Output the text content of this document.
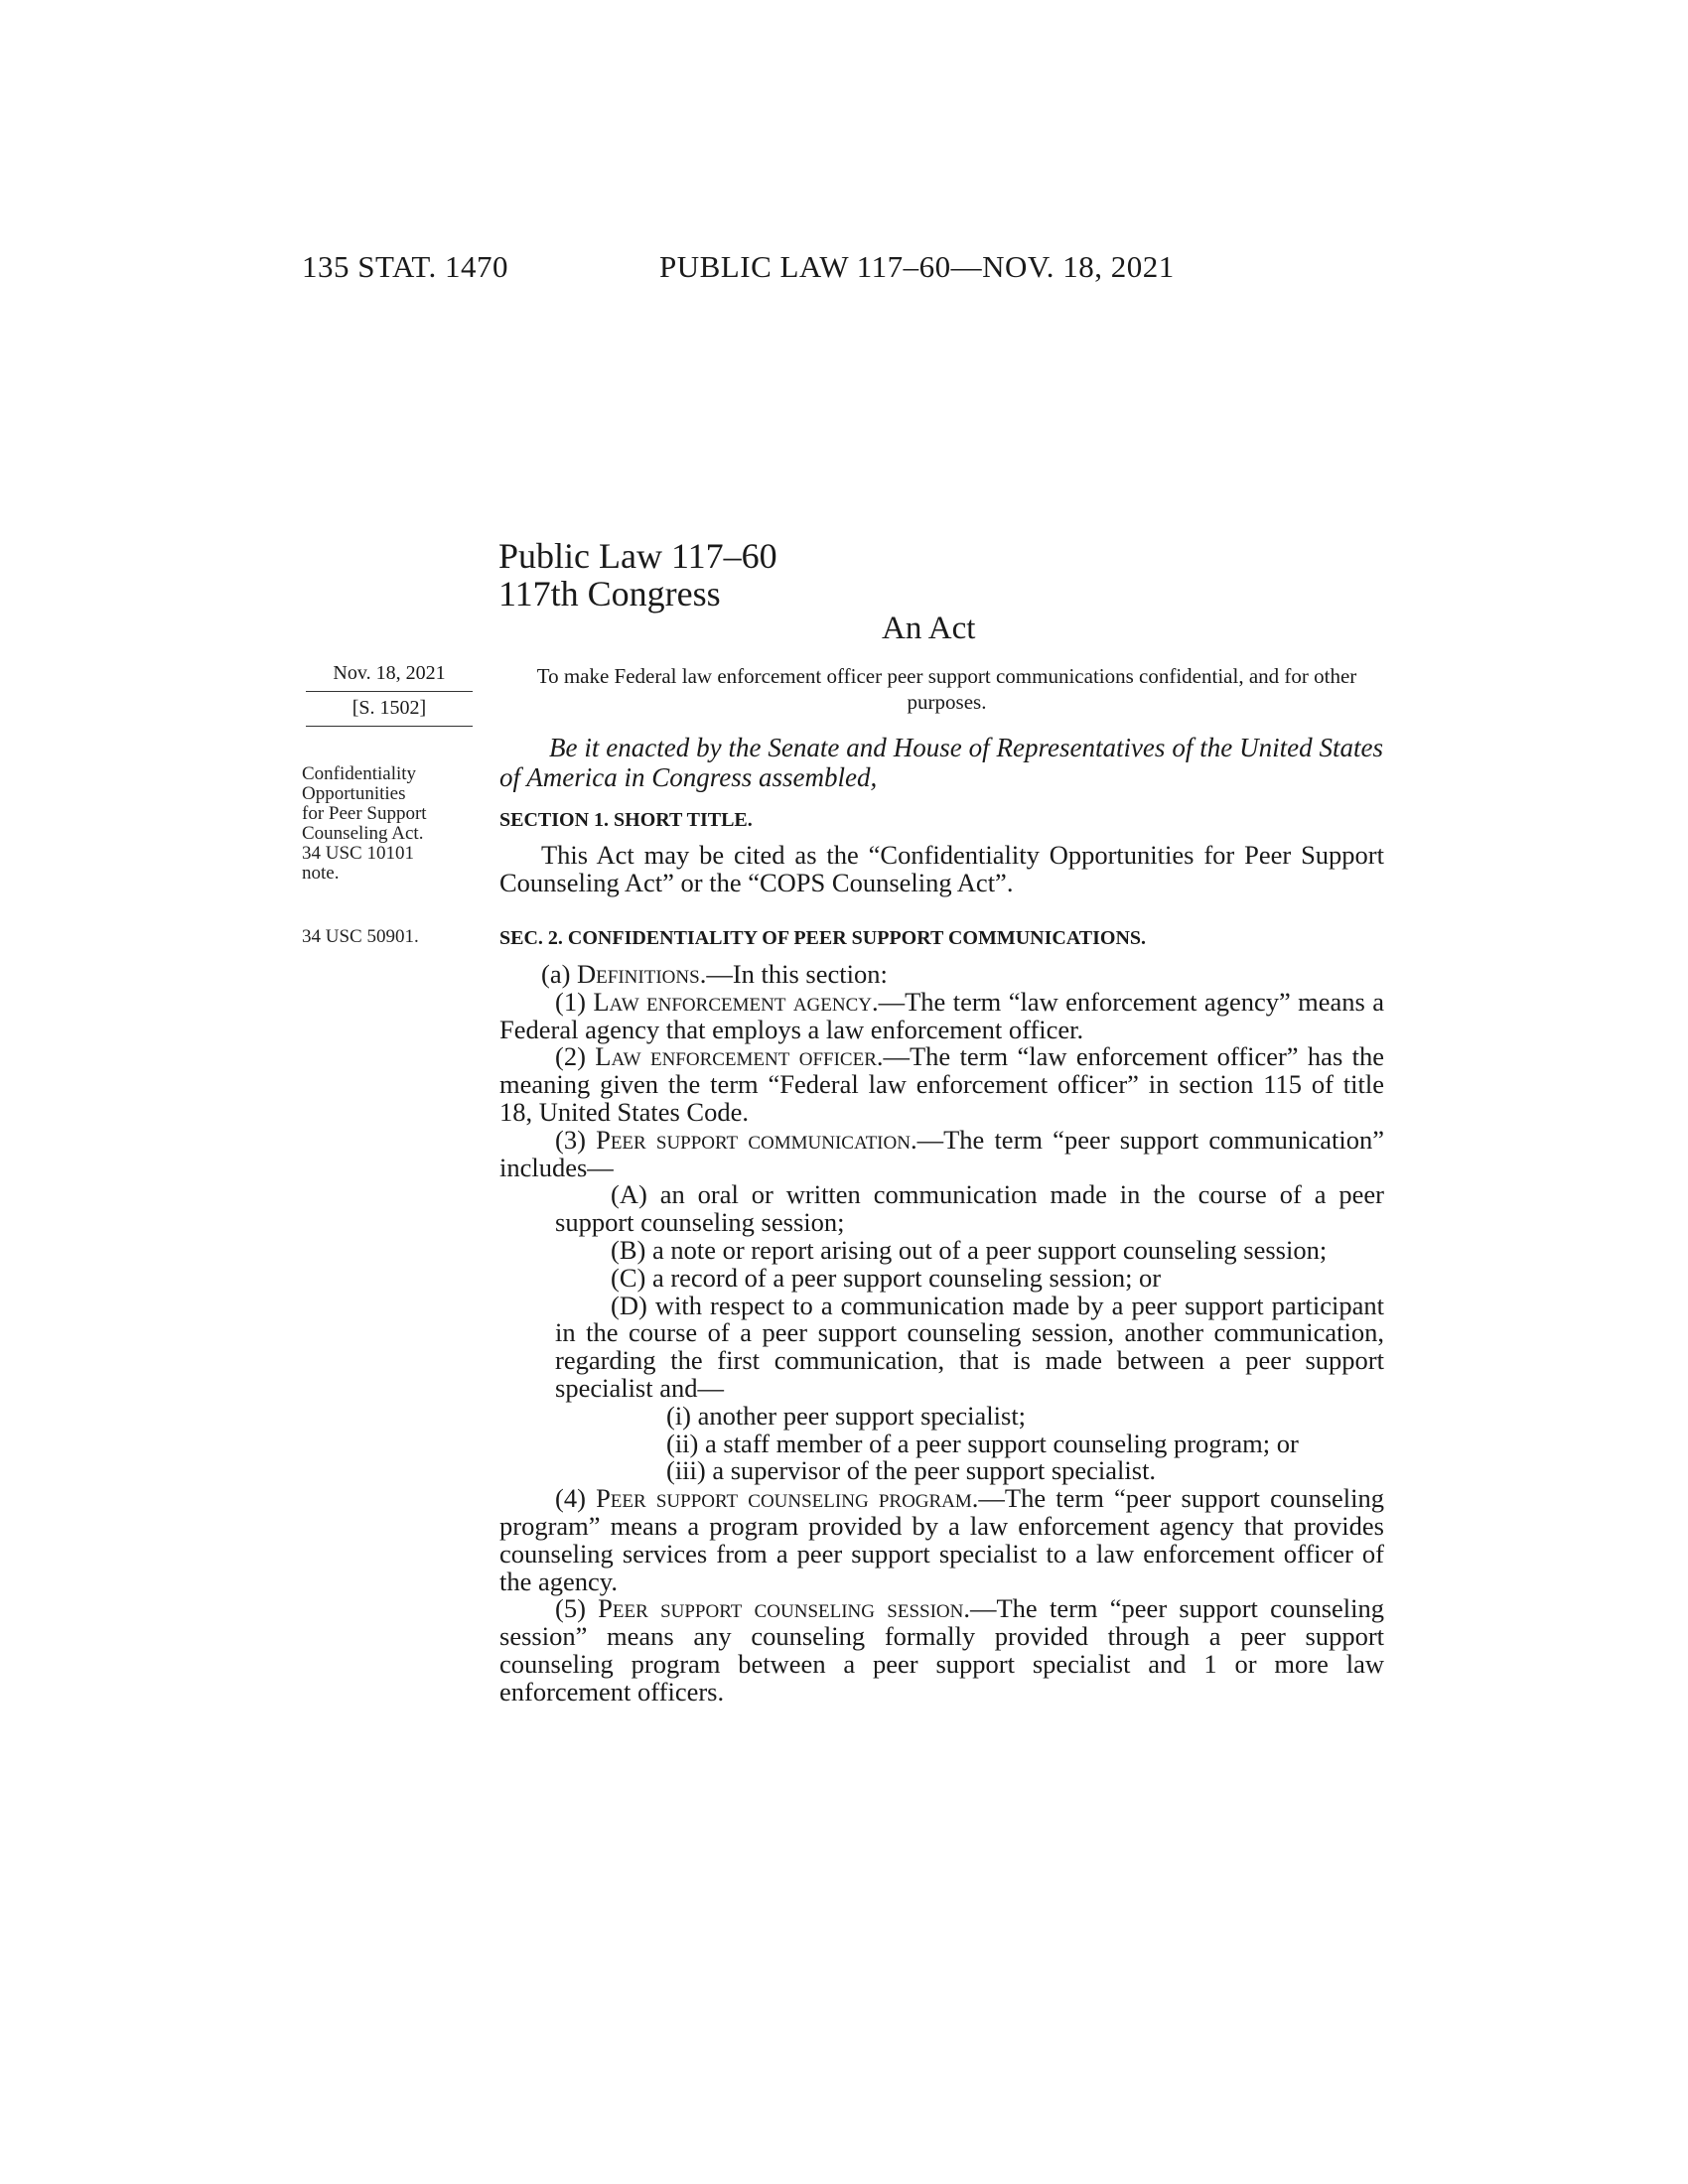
135 STAT. 1470	PUBLIC LAW 117–60—NOV. 18, 2021
Public Law 117–60
117th Congress
An Act
Nov. 18, 2021
[S. 1502]
To make Federal law enforcement officer peer support communications confidential, and for other purposes.
Be it enacted by the Senate and House of Representatives of the United States of America in Congress assembled,
Confidentiality
Opportunities
for Peer Support
Counseling Act.
34 USC 10101
note.
SECTION 1. SHORT TITLE.

This Act may be cited as the “Confidentiality Opportunities for Peer Support Counseling Act” or the “COPS Counseling Act”.

34 USC 50901.	SEC. 2. CONFIDENTIALITY OF PEER SUPPORT COMMUNICATIONS.

(a) Definitions.—In this section:

(1) Law enforcement agency.—The term “law enforcement agency” means a Federal agency that employs a law enforcement officer.

(2) Law enforcement officer.—The term “law enforcement officer” has the meaning given the term “Federal law enforcement officer” in section 115 of title 18, United States Code.

(3) Peer support communication.—The term “peer support communication” includes—

(A) an oral or written communication made in the course of a peer support counseling session;

(B) a note or report arising out of a peer support counseling session;

(C) a record of a peer support counseling session; or

(D) with respect to a communication made by a peer support participant in the course of a peer support counseling session, another communication, regarding the first communication, that is made between a peer support specialist and—

(i) another peer support specialist;

(ii) a staff member of a peer support counseling program; or

(iii) a supervisor of the peer support specialist.

(4) Peer support counseling program.—The term “peer support counseling program” means a program provided by a law enforcement agency that provides counseling services from a peer support specialist to a law enforcement officer of the agency.

(5) Peer support counseling session.—The term “peer support counseling session” means any counseling formally provided through a peer support counseling program between a peer support specialist and 1 or more law enforcement officers.
